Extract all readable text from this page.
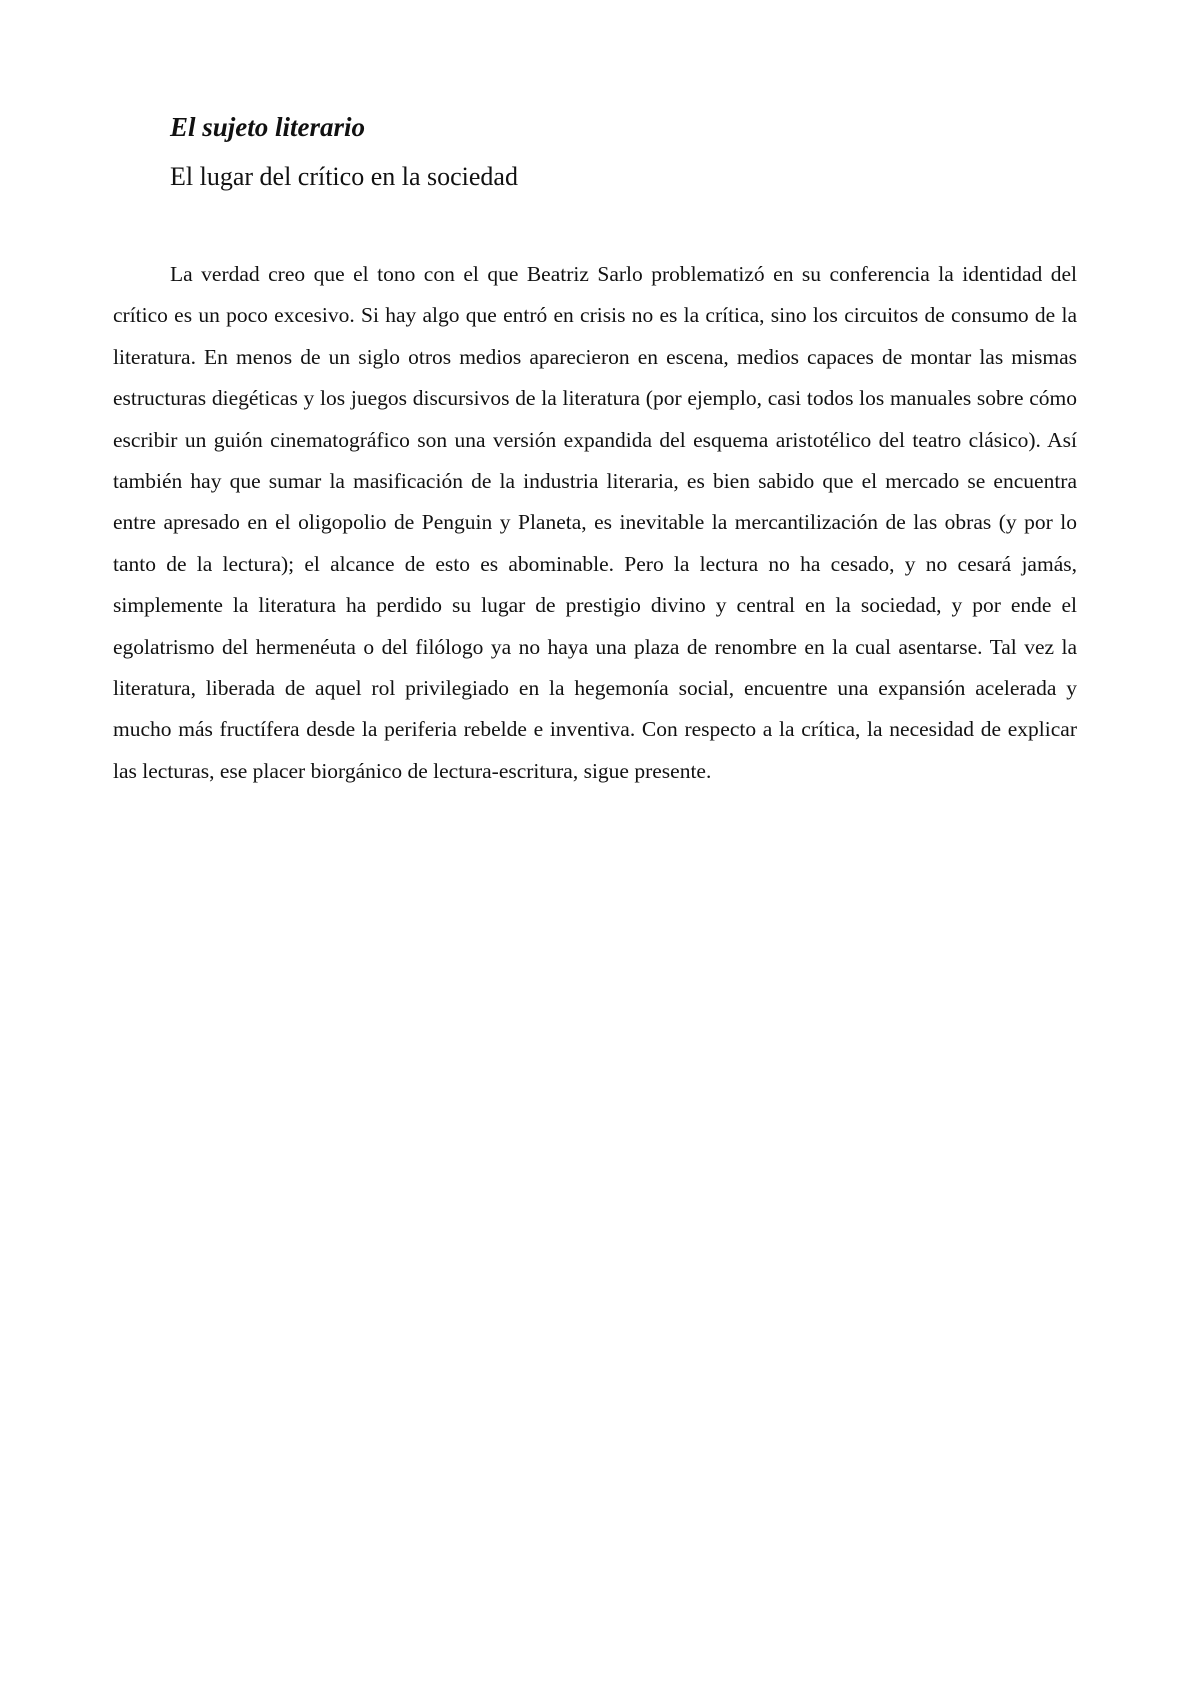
El sujeto literario
El lugar del crítico en la sociedad

La verdad creo que el tono con el que Beatriz Sarlo problematizó en su conferencia la identidad del crítico es un poco excesivo. Si hay algo que entró en crisis no es la crítica, sino los circuitos de consumo de la literatura. En menos de un siglo otros medios aparecieron en escena, medios capaces de montar las mismas estructuras diegéticas y los juegos discursivos de la literatura (por ejemplo, casi todos los manuales sobre cómo escribir un guión cinematográfico son una versión expandida del esquema aristotélico del teatro clásico). Así también hay que sumar la masificación de la industria literaria, es bien sabido que el mercado se encuentra entre apresado en el oligopolio de Penguin y Planeta, es inevitable la mercantilización de las obras (y por lo tanto de la lectura); el alcance de esto es abominable. Pero la lectura no ha cesado, y no cesará jamás, simplemente la literatura ha perdido su lugar de prestigio divino y central en la sociedad, y por ende el egolatrismo del hermenéuta o del filólogo ya no haya una plaza de renombre en la cual asentarse. Tal vez la literatura, liberada de aquel rol privilegiado en la hegemonía social, encuentre una expansión acelerada y mucho más fructífera desde la periferia rebelde e inventiva. Con respecto a la crítica, la necesidad de explicar las lecturas, ese placer biorgánico de lectura-escritura, sigue presente.
